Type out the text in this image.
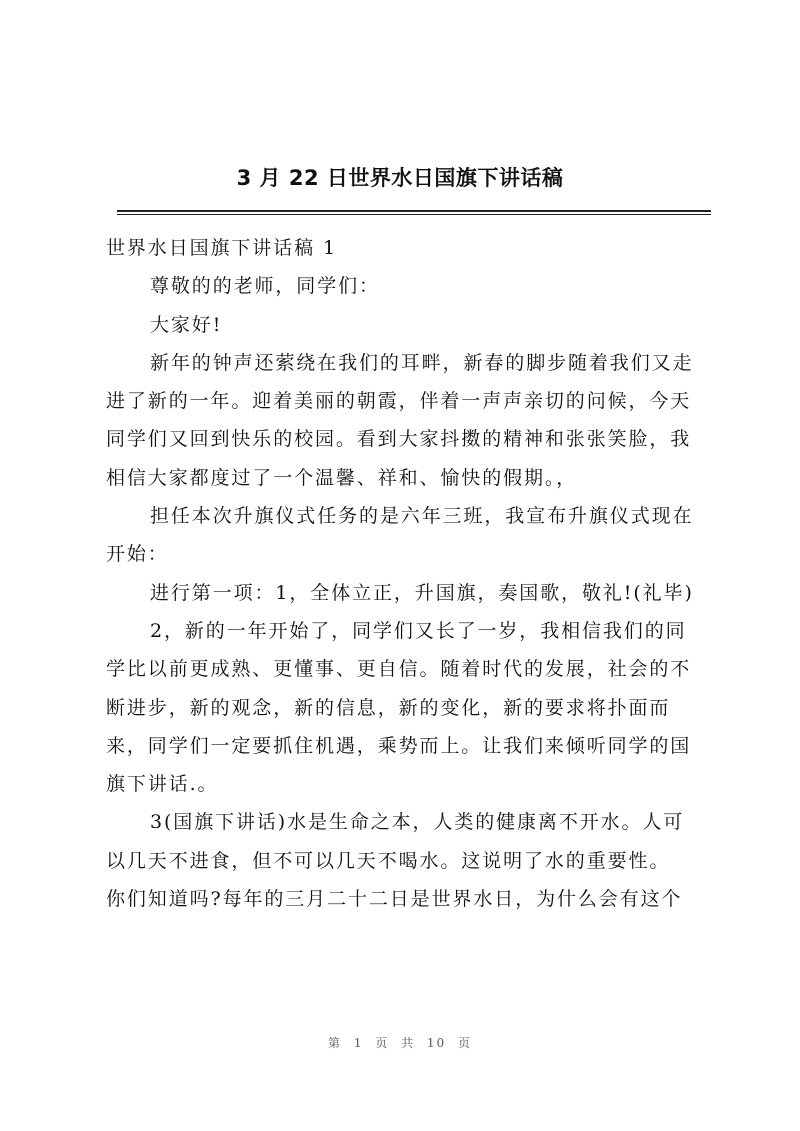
3 月 22 日世界水日国旗下讲话稿
世界水日国旗下讲话稿 1
尊敬的的老师，同学们：
大家好!
新年的钟声还萦绕在我们的耳畔，新春的脚步随着我们又走
进了新的一年。迎着美丽的朝霞，伴着一声声亲切的问候，今天
同学们又回到快乐的校园。看到大家抖擞的精神和张张笑脸，我
相信大家都度过了一个温馨、祥和、愉快的假期。，
担任本次升旗仪式任务的是六年三班，我宣布升旗仪式现在
开始：
进行第一项：1，全体立正，升国旗，奏国歌，敬礼!(礼毕)
2，新的一年开始了，同学们又长了一岁，我相信我们的同
学比以前更成熟、更懂事、更自信。随着时代的发展，社会的不
断进步，新的观念，新的信息，新的变化，新的要求将扑面而
来，同学们一定要抓住机遇，乘势而上。让我们来倾听同学的国
旗下讲话.。
3(国旗下讲话)水是生命之本，人类的健康离不开水。人可
以几天不进食，但不可以几天不喝水。这说明了水的重要性。
你们知道吗?每年的三月二十二日是世界水日，为什么会有这个
第 1 页 共 10 页
